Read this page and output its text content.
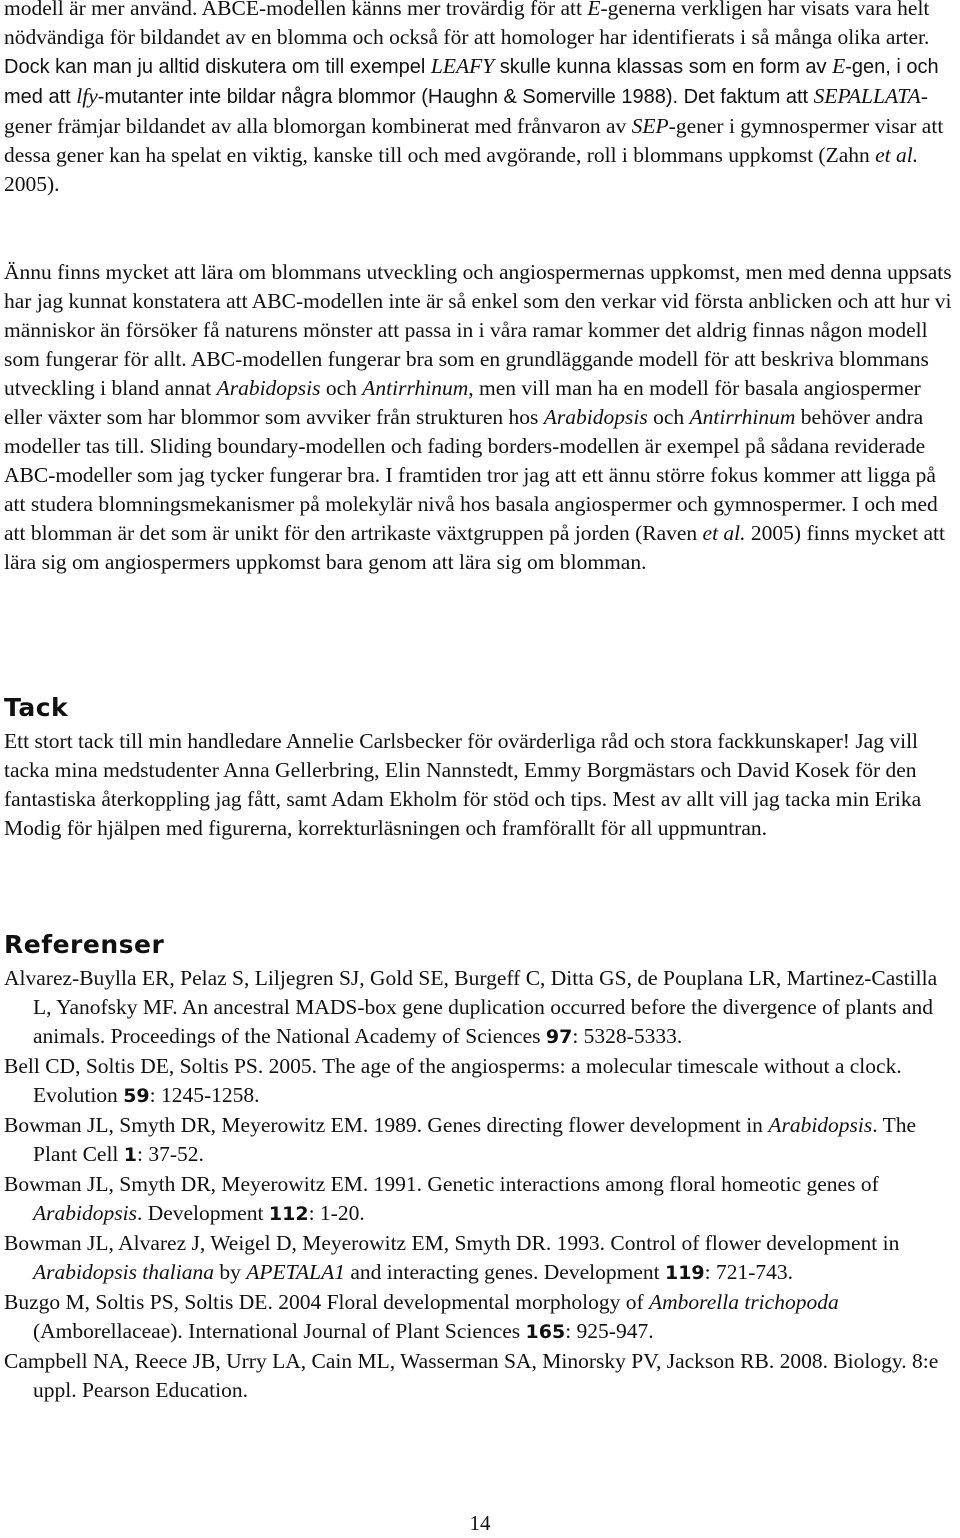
modell är mer använd. ABCE-modellen känns mer trovärdig för att E-generna verkligen har visats vara helt nödvändiga för bildandet av en blomma och också för att homologer har identifierats i så många olika arter. Dock kan man ju alltid diskutera om till exempel LEAFY skulle kunna klassas som en form av E-gen, i och med att lfy-mutanter inte bildar några blommor (Haughn & Somerville 1988). Det faktum att SEPALLATA-gener främjar bildandet av alla blomorgan kombinerat med frånvaron av SEP-gener i gymnospermer visar att dessa gener kan ha spelat en viktig, kanske till och med avgörande, roll i blommans uppkomst (Zahn et al. 2005).

Ännu finns mycket att lära om blommans utveckling och angiospermernas uppkomst, men med denna uppsats har jag kunnat konstatera att ABC-modellen inte är så enkel som den verkar vid första anblicken och att hur vi människor än försöker få naturens mönster att passa in i våra ramar kommer det aldrig finnas någon modell som fungerar för allt. ABC-modellen fungerar bra som en grundläggande modell för att beskriva blommans utveckling i bland annat Arabidopsis och Antirrhinum, men vill man ha en modell för basala angiospermer eller växter som har blommor som avviker från strukturen hos Arabidopsis och Antirrhinum behöver andra modeller tas till. Sliding boundary-modellen och fading borders-modellen är exempel på sådana reviderade ABC-modeller som jag tycker fungerar bra. I framtiden tror jag att ett ännu större fokus kommer att ligga på att studera blomningsmekanismer på molekylär nivå hos basala angiospermer och gymnospermer. I och med att blomman är det som är unikt för den artrikaste växtgruppen på jorden (Raven et al. 2005) finns mycket att lära sig om angiospermers uppkomst bara genom att lära sig om blomman.

Tack

Ett stort tack till min handledare Annelie Carlsbecker för ovärderliga råd och stora fackkunskaper! Jag vill tacka mina medstudenter Anna Gellerbring, Elin Nannstedt, Emmy Borgmästars och David Kosek för den fantastiska återkoppling jag fått, samt Adam Ekholm för stöd och tips. Mest av allt vill jag tacka min Erika Modig för hjälpen med figurerna, korrekturläsningen och framförallt för all uppmuntran.

Referenser
Alvarez-Buylla ER, Pelaz S, Liljegren SJ, Gold SE, Burgeff C, Ditta GS, de Pouplana LR, Martinez-Castilla L, Yanofsky MF. An ancestral MADS-box gene duplication occurred before the divergence of plants and animals. Proceedings of the National Academy of Sciences 97: 5328-5333.
Bell CD, Soltis DE, Soltis PS. 2005. The age of the angiosperms: a molecular timescale without a clock. Evolution 59: 1245-1258.
Bowman JL, Smyth DR, Meyerowitz EM. 1989. Genes directing flower development in Arabidopsis. The Plant Cell 1: 37-52.
Bowman JL, Smyth DR, Meyerowitz EM. 1991. Genetic interactions among floral homeotic genes of Arabidopsis. Development 112: 1-20.
Bowman JL, Alvarez J, Weigel D, Meyerowitz EM, Smyth DR. 1993. Control of flower development in Arabidopsis thaliana by APETALA1 and interacting genes. Development 119: 721-743.
Buzgo M, Soltis PS, Soltis DE. 2004 Floral developmental morphology of Amborella trichopoda (Amborellaceae). International Journal of Plant Sciences 165: 925-947.
Campbell NA, Reece JB, Urry LA, Cain ML, Wasserman SA, Minorsky PV, Jackson RB. 2008. Biology. 8:e uppl. Pearson Education.
14
